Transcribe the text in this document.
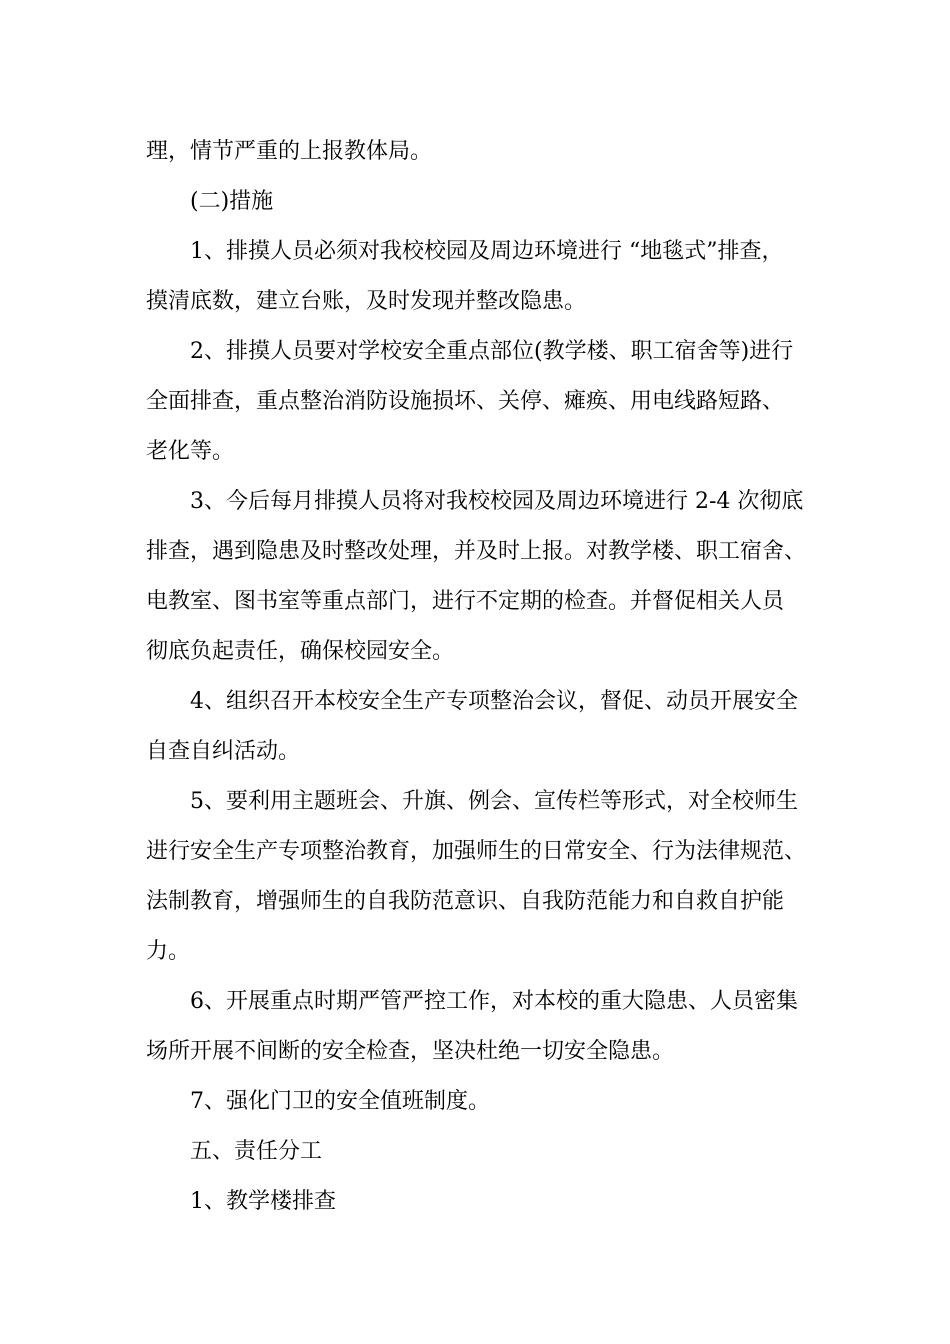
理，情节严重的上报教体局。
(二)措施
1、排摸人员必须对我校校园及周边环境进行 “地毯式”排查，
摸清底数，建立台账，及时发现并整改隐患。
2、排摸人员要对学校安全重点部位(教学楼、职工宿舍等)进行
全面排查，重点整治消防设施损坏、关停、瘫痪、用电线路短路、
老化等。
3、今后每月排摸人员将对我校校园及周边环境进行 2-4 次彻底
排查，遇到隐患及时整改处理，并及时上报。对教学楼、职工宿舍、
电教室、图书室等重点部门，进行不定期的检查。并督促相关人员
彻底负起责任，确保校园安全。
4、组织召开本校安全生产专项整治会议，督促、动员开展安全
自查自纠活动。
5、要利用主题班会、升旗、例会、宣传栏等形式，对全校师生
进行安全生产专项整治教育，加强师生的日常安全、行为法律规范、
法制教育，增强师生的自我防范意识、自我防范能力和自救自护能
力。
6、开展重点时期严管严控工作，对本校的重大隐患、人员密集
场所开展不间断的安全检查，坚决杜绝一切安全隐患。
7、强化门卫的安全值班制度。
五、责任分工
1、教学楼排查
